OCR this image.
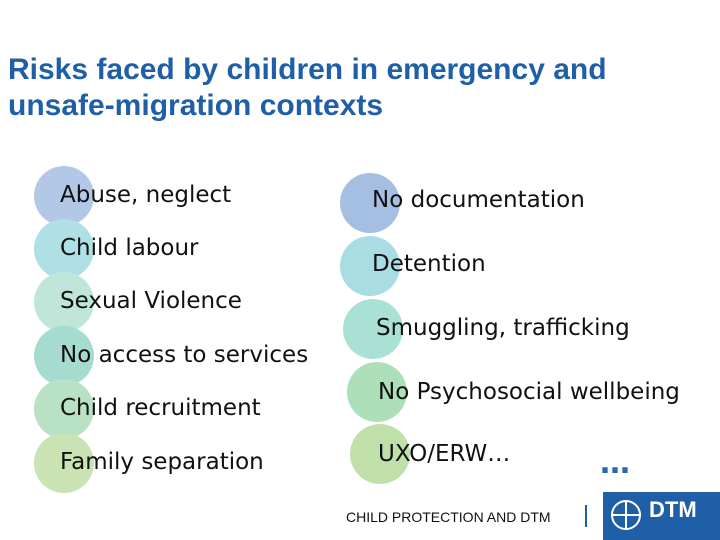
Risks faced by children in emergency and unsafe-migration contexts
Abuse, neglect
Child labour
Sexual Violence
No access to services
Child recruitment
Family separation
No documentation
Detention
Smuggling, trafficking
No Psychosocial wellbeing
UXO/ERW…	…
CHILD PROTECTION AND DTM	DTM
